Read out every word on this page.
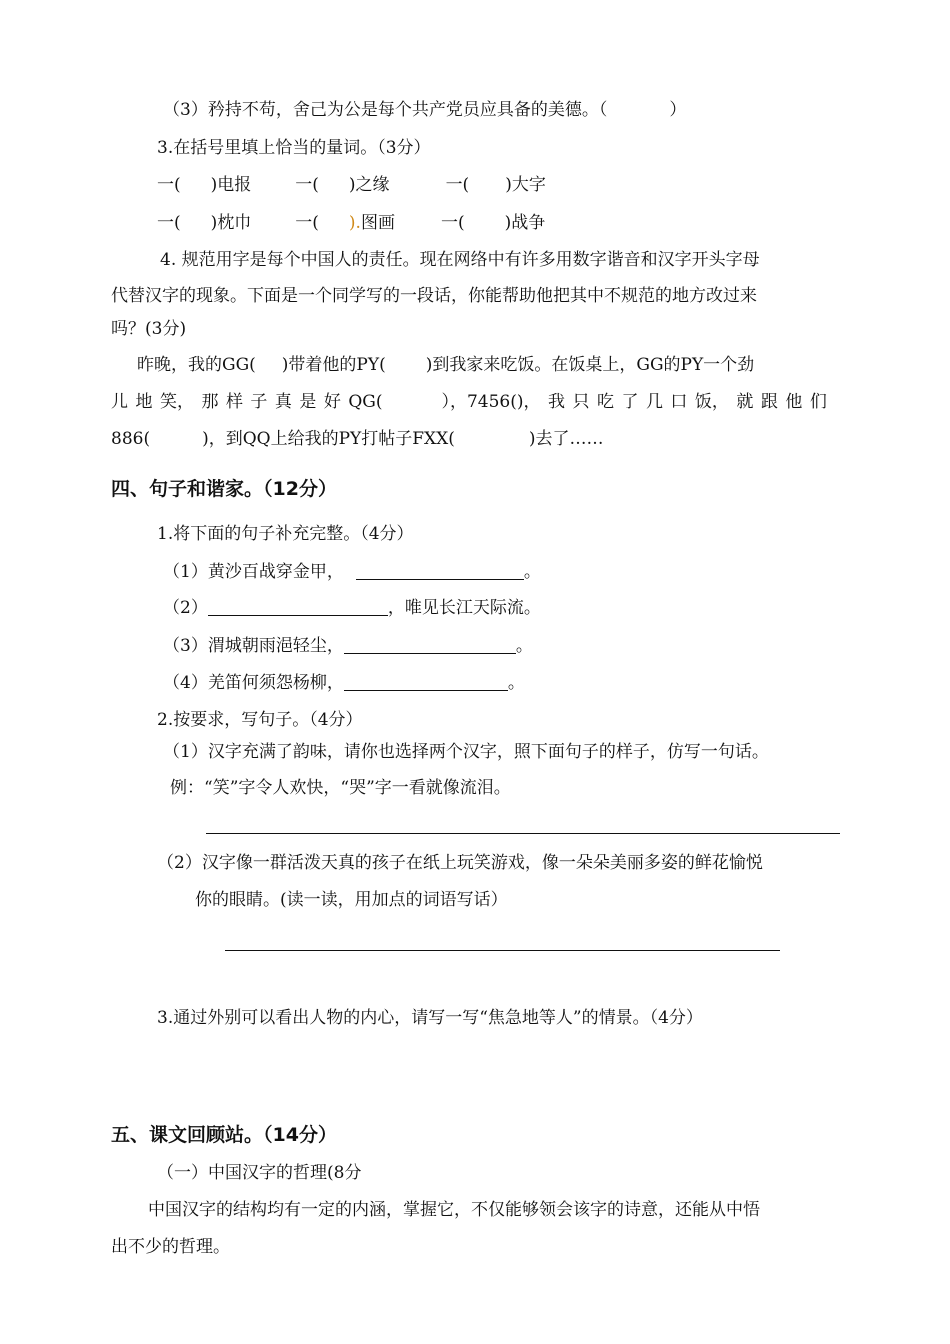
（3）矜持不苟，舍己为公是每个共产党员应具备的美德。（	）
3.在括号里填上恰当的量词。（3分）
一( )电报	一( )之缘	一( )大字
一( )枕巾	一( ).图画	一( )战争
4. 规范用字是每个中国人的责任。现在网络中有许多用数字谐音和汉字开头字母
代替汉字的现象。下面是一个同学写的一段话，你能帮助他把其中不规范的地方改过来
吗？(3分)
昨晚，我的GG( )带着他的PY( )到我家来吃饭。在饭桌上，GG的PY一个劲
儿 地 笑， 那 样 子 真 是 好 QG(	），7456()， 我 只 吃 了 几 口 饭， 就 跟 他 们
886(	)，到QQ上给我的PY打帖子FXX(	)去了……
四、句子和谐家。（12分）
1.将下面的句子补充完整。（4分）
（1）黄沙百战穿金甲，	。
（2）	，唯见长江天际流。
（3）渭城朝雨浥轻尘，	。
（4）羌笛何须怨杨柳，	。
2.按要求，写句子。（4分）
（1）汉字充满了韵味，请你也选择两个汉字，照下面句子的样子，仿写一句话。
例：“笑”字令人欢快，“哭”字一看就像流泪。
（2）汉字像一群活泼天真的孩子在纸上玩笑游戏，像一朵朵美丽多姿的鲜花愉悦
你的眼睛。(读一读，用加点的词语写话）
3.通过外别可以看出人物的内心，请写一写“焦急地等人”的情景。（4分）
五、课文回顾站。（14分）
（一）中国汉字的哲理(8分
中国汉字的结构均有一定的内涵，掌握它，不仅能够领会该字的诗意，还能从中悟
出不少的哲理。
